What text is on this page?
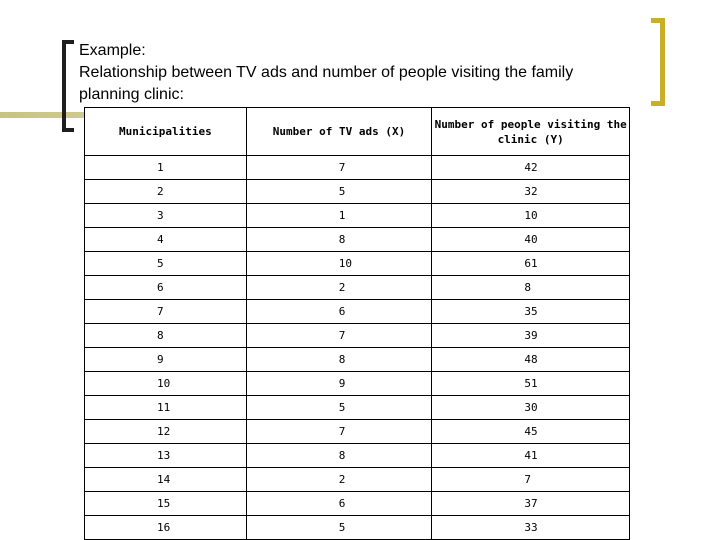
Example:
Relationship between TV ads and number of people visiting the family
planning clinic:
Municipalities	Number of TV ads (X)	Number of people visiting the clinic (Y)
1	7	42
2	5	32
3	1	10
4	8	40
5	10	61
6	2	8
7	6	35
8	7	39
9	8	48
10	9	51
11	5	30
12	7	45
13	8	41
14	2	7
15	6	37
16	5	33
